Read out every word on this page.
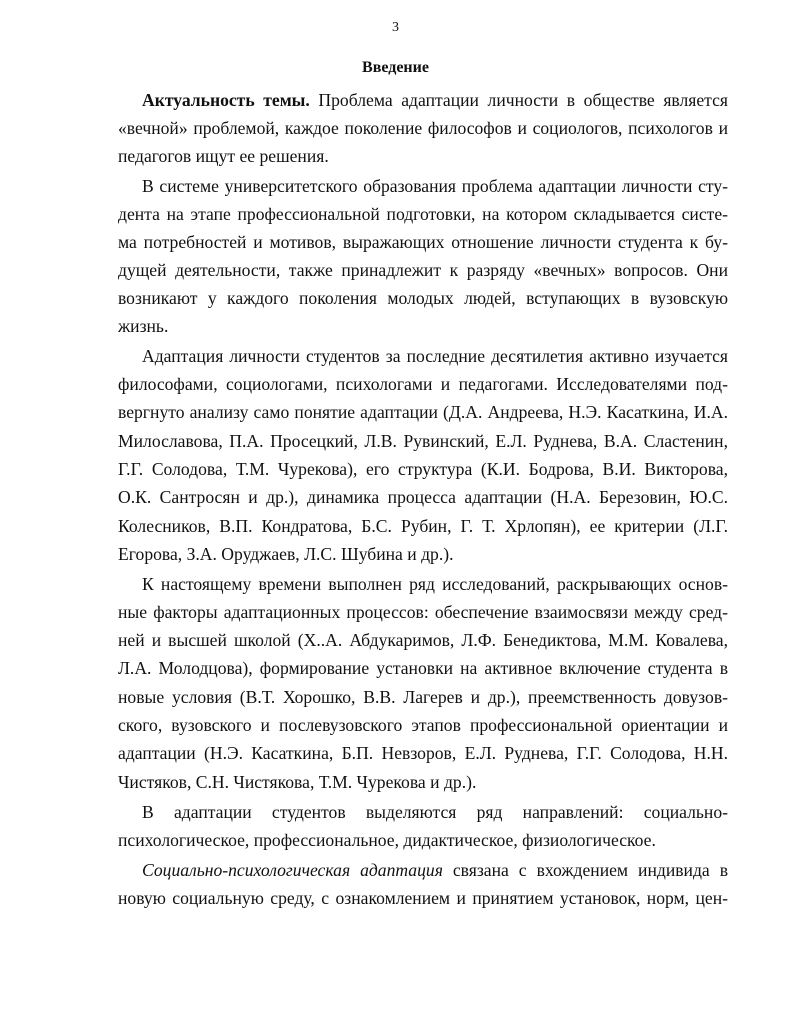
3
Введение
Актуальность темы. Проблема адаптации личности в обществе является
«вечной» проблемой, каждое поколение философов и социологов, психологов и
педагогов ищут ее решения.
В системе университетского образования проблема адаптации личности сту-
дента на этапе профессиональной подготовки, на котором складывается систе-
ма потребностей и мотивов, выражающих отношение личности студента к бу-
дущей деятельности, также принадлежит к разряду «вечных» вопросов. Они
возникают у каждого поколения молодых людей, вступающих в вузовскую
жизнь.
Адаптация личности студентов за последние десятилетия активно изучается
философами, социологами, психологами и педагогами. Исследователями под-
вергнуто анализу само понятие адаптации (Д.А. Андреева, Н.Э. Касаткина, И.А.
Милославова, П.А. Просецкий, Л.В. Рувинский, Е.Л. Руднева, В.А. Сластенин,
Г.Г. Солодова, Т.М. Чурекова), его структура (К.И. Бодрова, В.И. Викторова,
О.К. Сантросян и др.), динамика процесса адаптации (Н.А. Березовин, Ю.С.
Колесников, В.П. Кондратова, Б.С. Рубин, Г. Т. Хрлопян), ее критерии (Л.Г.
Егорова, З.А. Оруджаев, Л.С. Шубина и др.).
К настоящему времени выполнен ряд исследований, раскрывающих основ-
ные факторы адаптационных процессов: обеспечение взаимосвязи между сред-
ней и высшей школой (Х..А. Абдукаримов, Л.Ф. Бенедиктова, М.М. Ковалева,
Л.А. Молодцова), формирование установки на активное включение студента в
новые условия (В.Т. Хорошко, В.В. Лагерев и др.), преемственность довузов-
ского, вузовского и послевузовского этапов профессиональной ориентации и
адаптации (Н.Э. Касаткина, Б.П. Невзоров, Е.Л. Руднева, Г.Г. Солодова, Н.Н.
Чистяков, С.Н. Чистякова, Т.М. Чурекова и др.).
В адаптации студентов выделяются ряд направлений: социально-
психологическое, профессиональное, дидактическое, физиологическое.
Социально-психологическая адаптация связана с вхождением индивида в
новую социальную среду, с ознакомлением и принятием установок, норм, цен-
